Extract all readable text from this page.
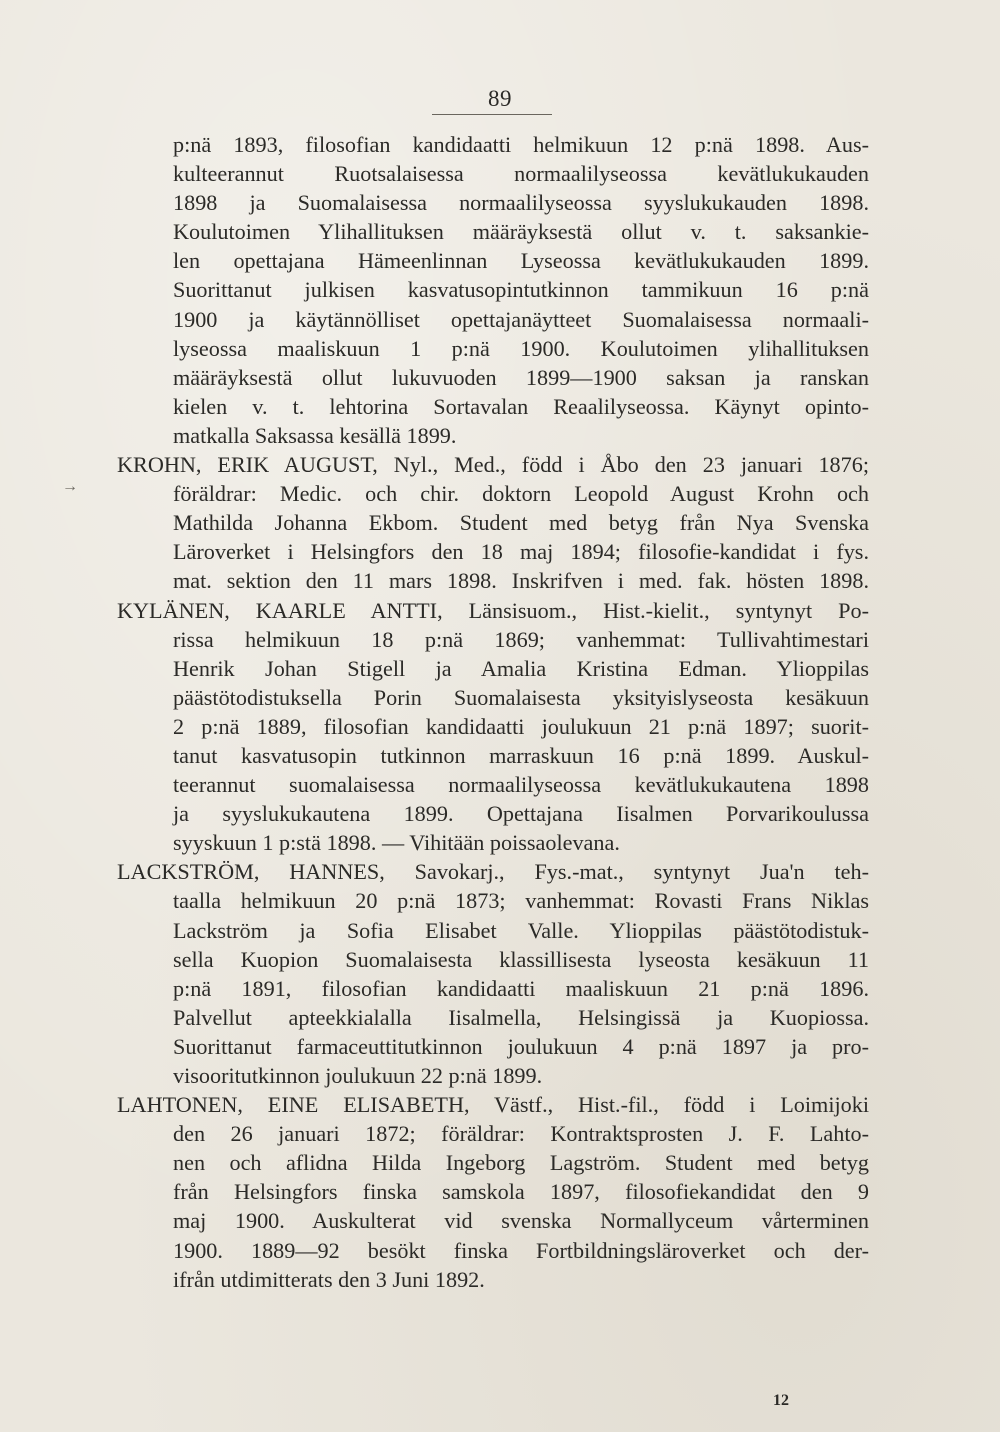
89
→
p:nä 1893, filosofian kandidaatti helmikuun 12 p:nä 1898. Aus-
kulteerannut Ruotsalaisessa normaalilyseossa kevätlukukauden
1898 ja Suomalaisessa normaalilyseossa syyslukukauden 1898.
Koulutoimen Ylihallituksen määräyksestä ollut v. t. saksankie-
len opettajana Hämeenlinnan Lyseossa kevätlukukauden 1899.
Suorittanut julkisen kasvatusopintutkinnon tammikuun 16 p:nä
1900 ja käytännölliset opettajanäytteet Suomalaisessa normaali-
lyseossa maaliskuun 1 p:nä 1900. Koulutoimen ylihallituksen
määräyksestä ollut lukuvuoden 1899—1900 saksan ja ranskan
kielen v. t. lehtorina Sortavalan Reaalilyseossa. Käynyt opinto-
matkalla Saksassa kesällä 1899.
KROHN, ERIK AUGUST, Nyl., Med., född i Åbo den 23 januari 1876;
föräldrar: Medic. och chir. doktorn Leopold August Krohn och
Mathilda Johanna Ekbom. Student med betyg från Nya Svenska
Läroverket i Helsingfors den 18 maj 1894; filosofie-kandidat i fys.
mat. sektion den 11 mars 1898. Inskrifven i med. fak. hösten 1898.
KYLÄNEN, KAARLE ANTTI, Länsisuom., Hist.-kielit., syntynyt Po-
rissa helmikuun 18 p:nä 1869; vanhemmat: Tullivahtimestari
Henrik Johan Stigell ja Amalia Kristina Edman. Ylioppilas
päästötodistuksella Porin Suomalaisesta yksityislyseosta kesäkuun
2 p:nä 1889, filosofian kandidaatti joulukuun 21 p:nä 1897; suorit-
tanut kasvatusopin tutkinnon marraskuun 16 p:nä 1899. Auskul-
teerannut suomalaisessa normaalilyseossa kevätlukukautena 1898
ja syyslukukautena 1899. Opettajana Iisalmen Porvarikoulussa
syyskuun 1 p:stä 1898. — Vihitään poissaolevana.
LACKSTRÖM, HANNES, Savokarj., Fys.-mat., syntynyt Jua'n teh-
taalla helmikuun 20 p:nä 1873; vanhemmat: Rovasti Frans Niklas
Lackström ja Sofia Elisabet Valle. Ylioppilas päästötodistuk-
sella Kuopion Suomalaisesta klassillisesta lyseosta kesäkuun 11
p:nä 1891, filosofian kandidaatti maaliskuun 21 p:nä 1896.
Palvellut apteekkialalla Iisalmella, Helsingissä ja Kuopiossa.
Suorittanut farmaceuttitutkinnon joulukuun 4 p:nä 1897 ja pro-
visooritutkinnon joulukuun 22 p:nä 1899.
LAHTONEN, EINE ELISABETH, Västf., Hist.-fil., född i Loimijoki
den 26 januari 1872; föräldrar: Kontraktsprosten J. F. Lahto-
nen och aflidna Hilda Ingeborg Lagström. Student med betyg
från Helsingfors finska samskola 1897, filosofiekandidat den 9
maj 1900. Auskulterat vid svenska Normallyceum vårterminen
1900. 1889—92 besökt finska Fortbildningsläroverket och der-
ifrån utdimitterats den 3 Juni 1892.
12
